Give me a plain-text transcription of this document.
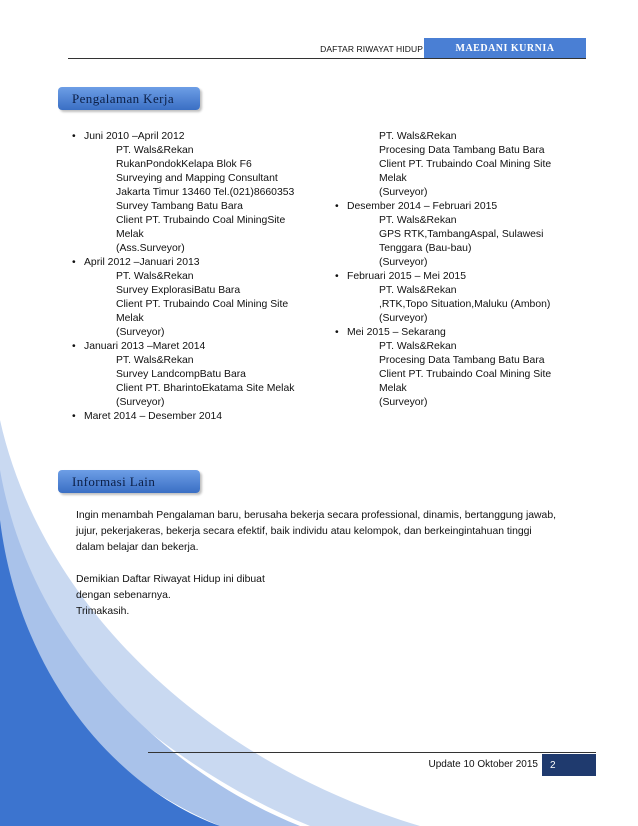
DAFTAR RIWAYAT HIDUP	MAEDANI KURNIA
Pengalaman Kerja
• Juni 2010 –April 2012
PT. Wals&Rekan
RukanPondokKelapa Blok F6
Surveying and Mapping Consultant
Jakarta Timur 13460 Tel.(021)8660353
Survey Tambang Batu Bara
Client PT. Trubaindo Coal MiningSite
Melak
(Ass.Surveyor)
• April 2012 –Januari 2013
PT. Wals&Rekan
Survey ExplorasiBatu Bara
Client PT. Trubaindo Coal Mining Site
Melak
(Surveyor)
• Januari 2013 –Maret 2014
PT. Wals&Rekan
Survey LandcompBatu Bara
Client PT. BharintoEkatama Site Melak
(Surveyor)
• Maret 2014 – Desember 2014
PT. Wals&Rekan
Procesing Data Tambang Batu Bara
Client PT. Trubaindo Coal Mining Site
Melak
(Surveyor)
• Desember 2014 – Februari 2015
PT. Wals&Rekan
GPS RTK,TambangAspal, Sulawesi
Tenggara (Bau-bau)
(Surveyor)
• Februari 2015 – Mei 2015
PT. Wals&Rekan
,RTK,Topo Situation,Maluku (Ambon)
(Surveyor)
• Mei 2015 – Sekarang
PT. Wals&Rekan
Procesing Data Tambang Batu Bara
Client PT. Trubaindo Coal Mining Site
Melak
(Surveyor)
Informasi Lain

Ingin menambah Pengalaman baru, berusaha bekerja secara professional, dinamis, bertanggung jawab,

jujur, pekerjakeras, bekerja secara efektif, baik individu atau kelompok, dan berkeingintahuan tinggi

dalam belajar dan bekerja.

Demikian Daftar Riwayat Hidup ini dibuat

dengan sebenarnya.

Trimakasih.

Update 10 Oktober 2015	2
